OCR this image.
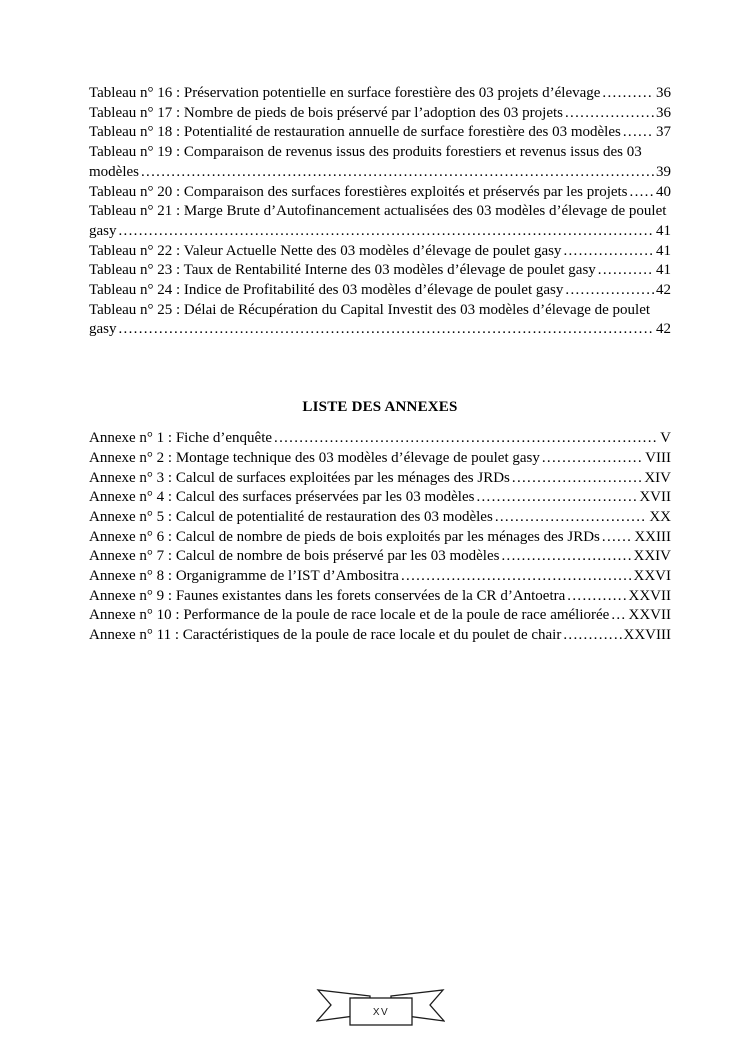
Tableau n° 16 : Préservation potentielle en surface forestière des 03 projets d’élevage .....	36
Tableau n° 17 : Nombre de pieds de bois préservé par l’adoption des 03 projets .....	36
Tableau n° 18 : Potentialité de restauration annuelle de surface forestière des 03 modèles ..... 37
Tableau n° 19 : Comparaison de revenus issus des produits forestiers et revenus issus des 03
modèles .....	39
Tableau n° 20 : Comparaison des surfaces forestières exploités et préservés par les projets ..... 40
Tableau n° 21 : Marge Brute d’Autofinancement actualisées des 03 modèles d’élevage de poulet
gasy .....	41
Tableau n° 22 : Valeur Actuelle Nette des 03 modèles d’élevage de poulet gasy .....	41
Tableau n° 23 : Taux de Rentabilité Interne des 03 modèles d’élevage de poulet gasy .....	41
Tableau n° 24 : Indice de Profitabilité des 03 modèles d’élevage de poulet gasy .....	42
Tableau n° 25 : Délai de Récupération du Capital Investit des 03 modèles d’élevage de poulet
gasy .....	42
LISTE DES ANNEXES
Annexe n° 1 : Fiche d’enquête .....	V
Annexe n° 2 : Montage technique des 03 modèles d’élevage de poulet gasy .....	VIII
Annexe n° 3 : Calcul de surfaces exploitées par les ménages des JRDs .....	XIV
Annexe n° 4 : Calcul des surfaces préservées par les 03 modèles .....	XVII
Annexe n° 5 : Calcul de potentialité de restauration des 03 modèles .....	XX
Annexe n° 6 : Calcul de nombre de pieds de bois exploités par les ménages des JRDs ..... XXIII
Annexe n° 7 : Calcul de nombre de bois préservé par les 03 modèles .....	XXIV
Annexe n° 8 : Organigramme de l’IST d’Ambositra .....	XXVI
Annexe n° 9 : Faunes existantes dans les forets conservées de la CR d’Antoetra .....	XXVII
Annexe n° 10 : Performance de la poule de race locale et de la poule de race améliorée ..... XXVII
Annexe n° 11 : Caractéristiques de la poule de race locale et du poulet de chair .....	XXVIII
XV
